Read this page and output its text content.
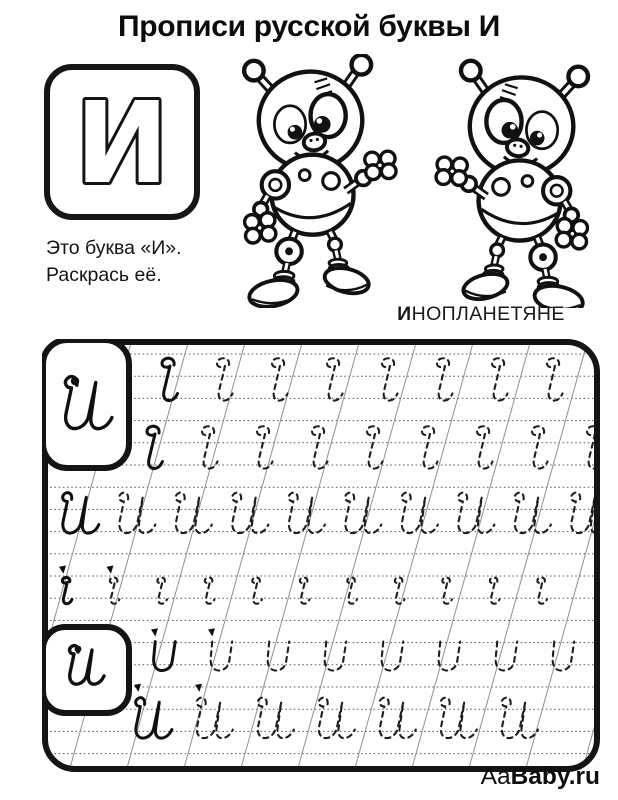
Прописи русской буквы И
И
Это буква «И».
Раскрась её.
ИНОПЛАНЕТЯНЕ
AaBaby.ru
